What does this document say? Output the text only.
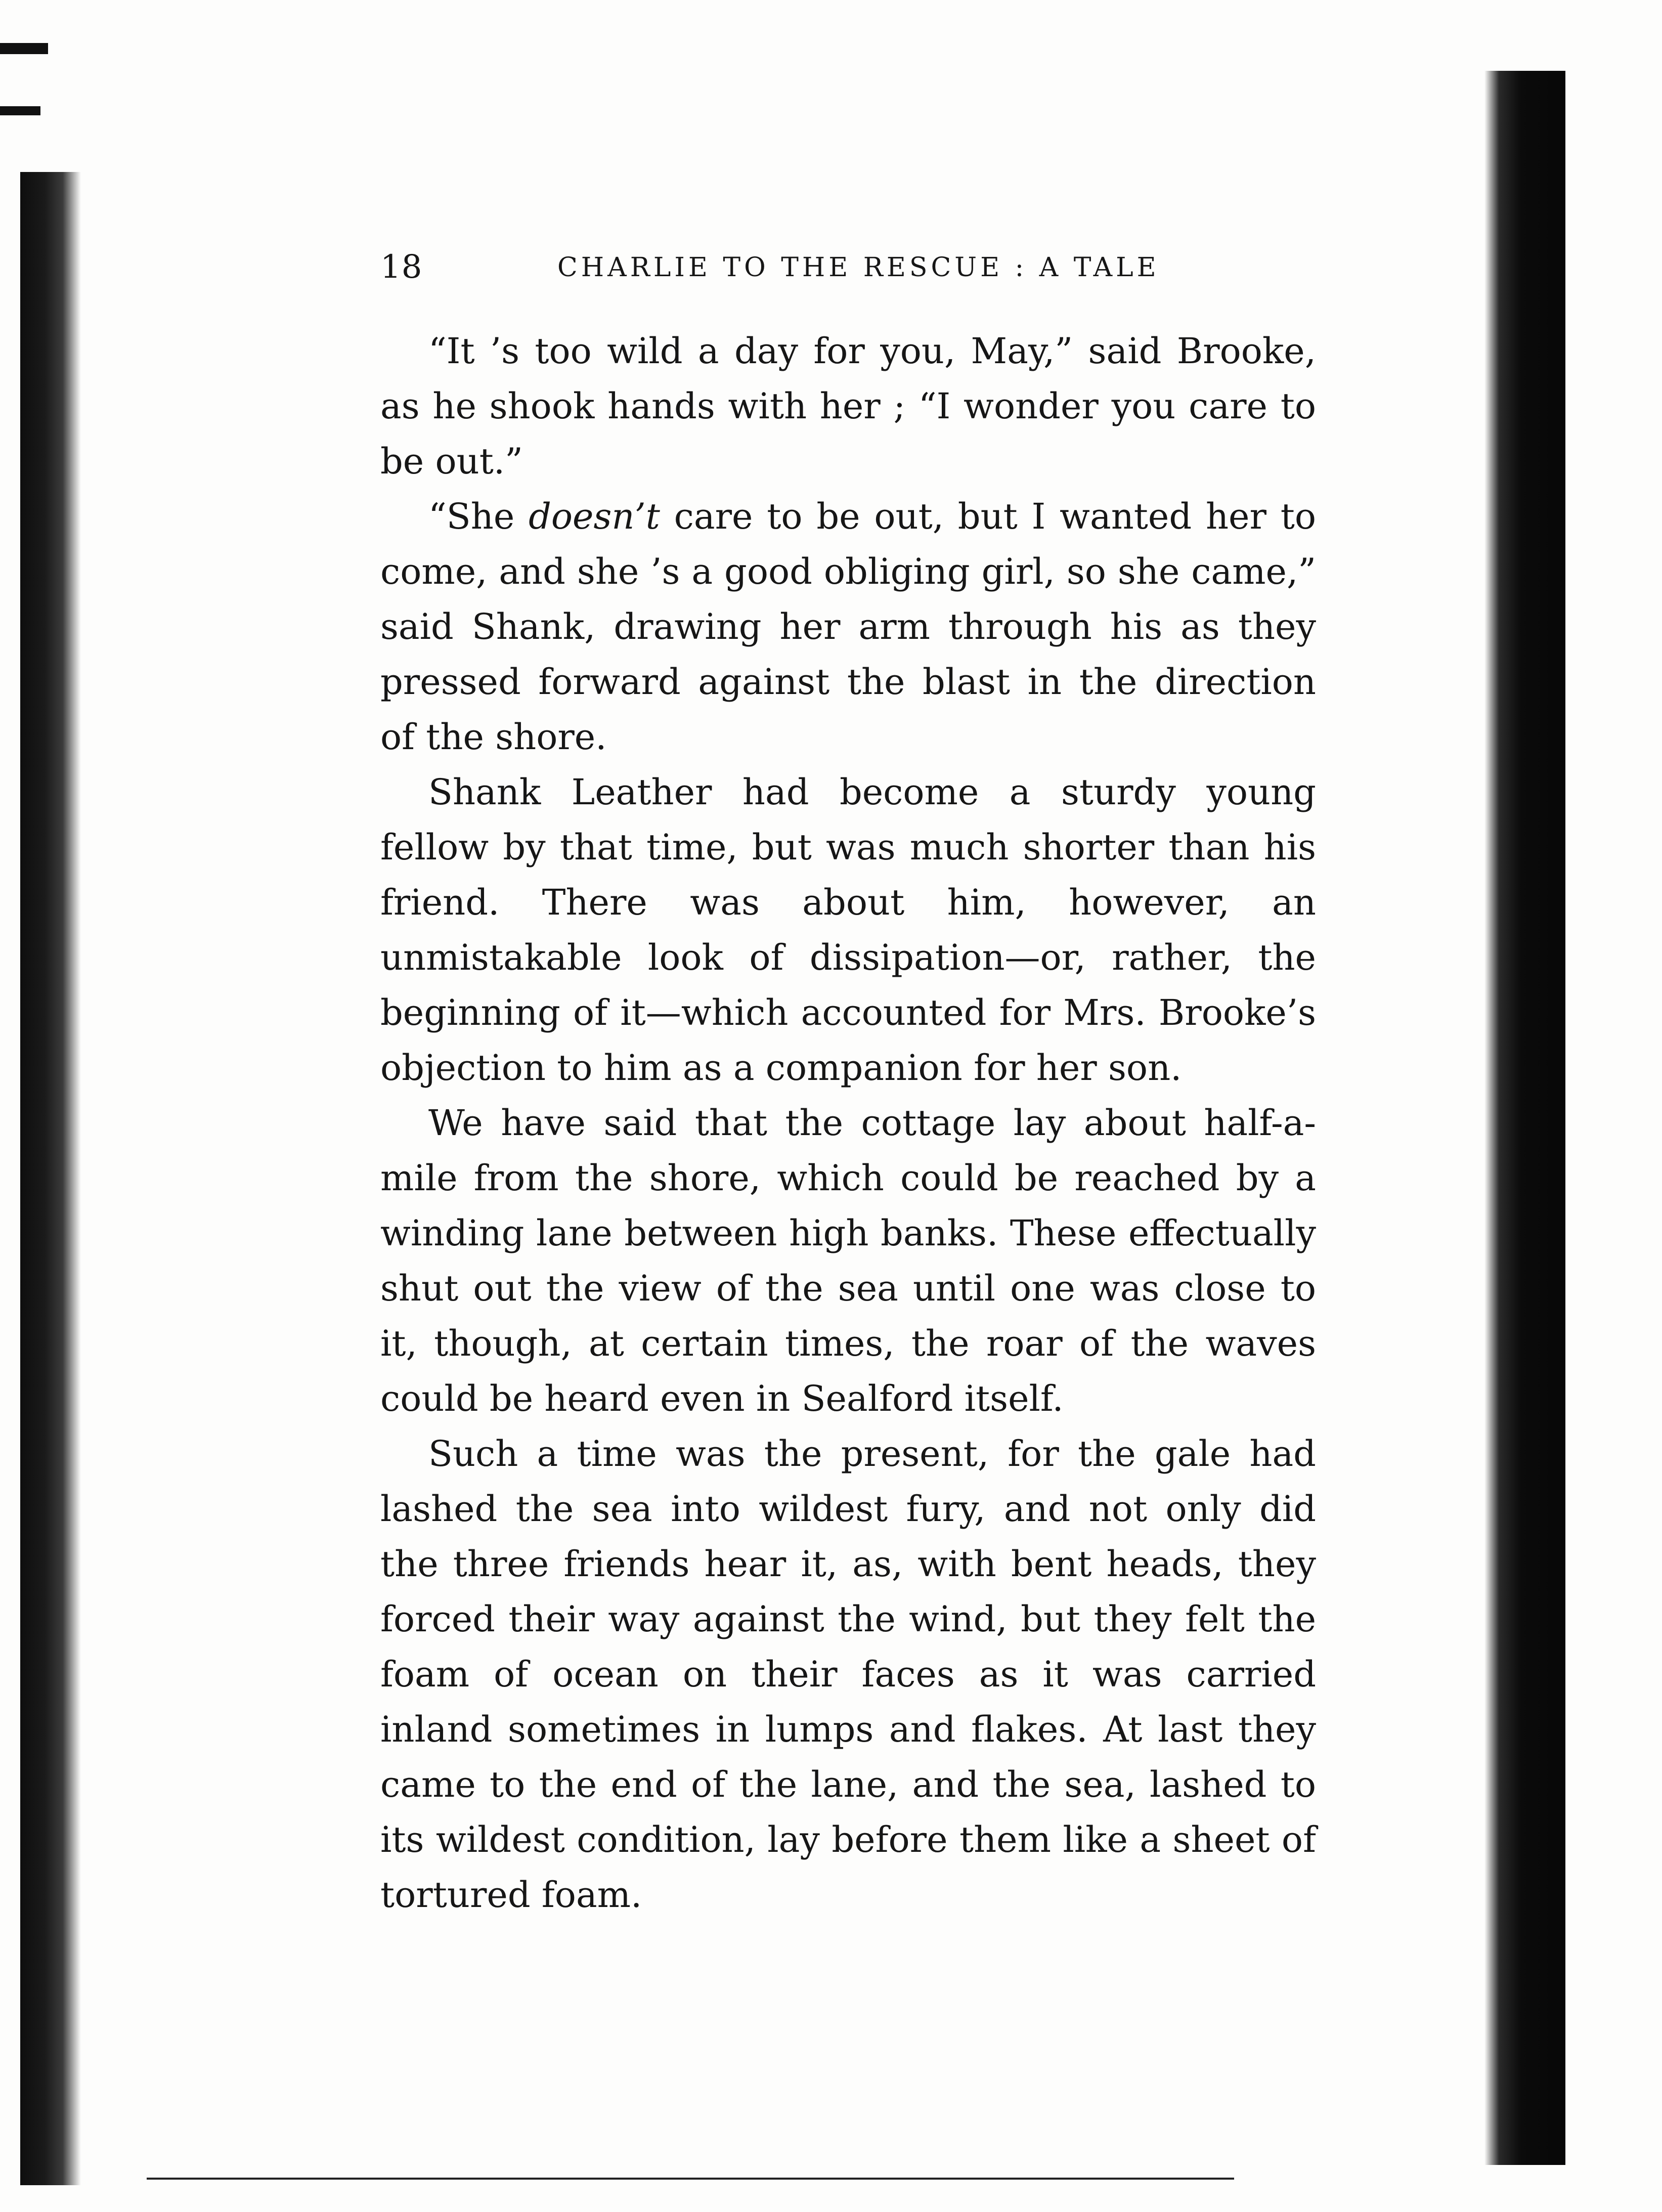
18	CHARLIE TO THE RESCUE : A TALE

“It ’s too wild a day for you, May,” said Brooke, as he shook hands with her ; “I wonder you care to be out.”

“She doesn’t care to be out, but I wanted her to come, and she ’s a good obliging girl, so she came,” said Shank, drawing her arm through his as they pressed forward against the blast in the direction of the shore.

Shank Leather had become a sturdy young fellow by that time, but was much shorter than his friend. There was about him, however, an unmistakable look of dissipation—or, rather, the beginning of it—which accounted for Mrs. Brooke’s objection to him as a companion for her son.

We have said that the cottage lay about half-a-mile from the shore, which could be reached by a winding lane between high banks. These effectually shut out the view of the sea until one was close to it, though, at certain times, the roar of the waves could be heard even in Sealford itself.

Such a time was the present, for the gale had lashed the sea into wildest fury, and not only did the three friends hear it, as, with bent heads, they forced their way against the wind, but they felt the foam of ocean on their faces as it was carried inland sometimes in lumps and flakes. At last they came to the end of the lane, and the sea, lashed to its wildest condition, lay before them like a sheet of tortured foam.
